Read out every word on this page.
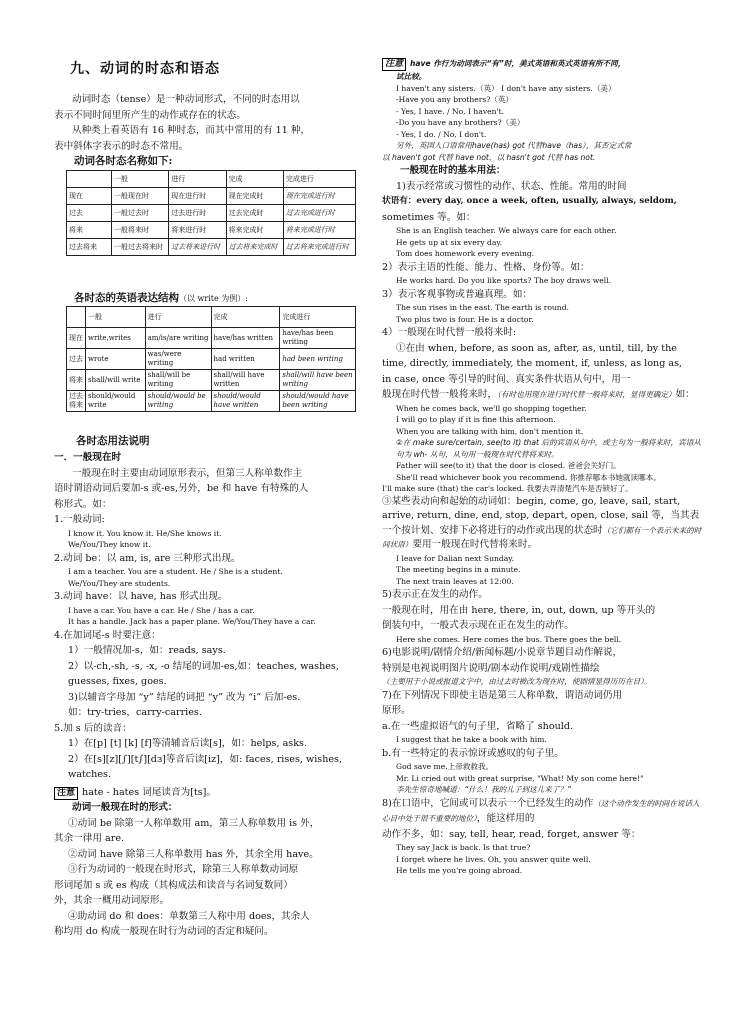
九、动词的时态和语态

动词时态（tense）是一种动词形式，不同的时态用以

表示不同时间里所产生的动作或存在的状态。

从种类上看英语有 16 种时态，而其中常用的有 11 种，

表中斜体字表示的时态不常用。

动词各时态名称如下:
	一般	进行	完成	完成进行
现在	一般现在时	现在进行时	现在完成时	现在完成进行时
过去	一般过去时	过去进行时	过去完成时	过去完成进行时
将来	一般将来时	将来进行时	将来完成时	将来完成进行时
过去将来	一般过去将来时	过去将来进行时	过去将来完成时	过去将来完成进行时
各时态的英语表达结构（以 write 为例）:
	一般	进行	完成	完成进行
现在	write,writes	am/is/are writing	have/has written	have/has been writing
过去	wrote	was/were writing	had written	had been writing
将来	shall/will write	shall/will be writing	shall/will have written	shall/will have been writing
过去将来	should/would write	should/would be writing	should/would have written	should/would have been writing
各时态用法说明

一．一般现在时

一般现在时主要由动词原形表示，但第三人称单数作主

语时谓语动词后要加-s 或-es,另外，be 和 have 有特殊的人

称形式。如：

1.一般动词:

I know it. You know it. He/She knows it.

We/You/They know it.

2.动词 be：以 am, is, are 三种形式出现。

I am a teacher. You are a student. He / She is a student.

We/You/They are students.

3.动词 have：以 have, has 形式出现。

I have a car. You have a car. He / She / has a car.

It has a handle. Jack has a paper plane. We/You/They have a car.

4.在加词尾-s 时要注意：

1）一般情况加-s，如：reads, says.

2）以-ch,-sh, -s, -x, -o 结尾的词加-es,如：teaches, washes,

guesses, fixes, goes.

3)以辅音字母加 “y” 结尾的词把 “y” 改为 “i” 后加-es.

如：try-tries，carry-carries.

5.加 s 后的读音：

1）在[p] [t] [k] [f]等清辅音后读[s]，如：helps, asks.

2）在[s][z][∫][t∫][dз]等音后读[iz]，如: faces, rises, wishes,

watches.

注意 hate - hates 词尾读音为[ts]。

动词一般现在时的形式：

①动词 be 除第一人称单数用 am，第三人称单数用 is 外，

其余一律用 are.

②动词 have 除第三人称单数用 has 外，其余全用 have。

③行为动词的一般现在时形式，除第三人称单数动词原

形词尾加 s 或 es 构成（其构成法和读音与名词复数同）

外，其余一概用动词原形。

④助动词 do 和 does：单数第三人称中用 does，其余人

称均用 do 构成一般现在时行为动词的否定和疑问。

注意 have 作行为动词表示“有”时，美式英语和英式英语有所不同，

试比较。

I haven't any sisters.（英） I don't have any sisters.（美）

-Have you any brothers?（英）

- Yes, I have. / No, I haven't.

-Do you have any brothers?（美）

- Yes, I do. / No, I don't.

另外，英国人口语常用have(has) got 代替have（has），其否定式常

以 haven't got 代替 have not，以 hasn't got 代替 has not.

一般现在时的基本用法：

1)表示经常或习惯性的动作、状态、性能。常用的时间

状语有：every day, once a week, often, usually, always, seldom,

sometimes 等。如：

She is an English teacher. We always care for each other.

He gets up at six every day.

Tom does homework every evening.

2）表示主语的性能、能力、性格、身份等。如：

He works hard. Do you like sports? The boy draws well.

3）表示客观事物或普遍真理。如：

The sun rises in the east. The earth is round.

Two plus two is four. He is a doctor.

4）一般现在时代替一般将来时:

①在由 when, before, as soon as, after, as, until, till, by the

time, directly, immediately, the moment, if, unless, as long as,

in case, once 等引导的时间、真实条件状语从句中，用一

般现在时代替一般将来时，（有时也用现在进行时代替一般将来时，显得更确定）如：

When he comes back, we'll go shopping together.

I will go to play if it is fine this afternoon.

When you are talking with him, don't mention it.

②在 make sure/certain, see(to it) that 后的宾语从句中，或主句为一般将来时，宾语从句为 wh- 从句，从句用一般现在时代替将来时。

Father will see(to it) that the door is closed. 爸爸会关好门。

She'll read whichever book you recommend. 你推荐哪本书她就读哪本。

I'll make sure (that) the car's locked. 我要去弄清楚汽车是否锁好了。

③某些表动向和起始的动词如：begin, come, go, leave, sail, start, arrive, return, dine, end, stop, depart, open, close, sail 等，当其表一个按计划、安排下必将进行的动作或出现的状态时（它们都有一个表示未来的时间状语）要用一般现在时代替将来时。

I leave for Dalian next Sunday.

The meeting begins in a minute.

The next train leaves at 12:00.

5)表示正在发生的动作。

一般现在时，用在由 here, there, in, out, down, up 等开头的

倒装句中，一般式表示现在正在发生的动作。

Here she comes. Here comes the bus. There goes the bell.

6)电影说明/剧情介绍/新闻标题/小说章节题目动作解说，

特别是电视说明图片说明/剧本动作说明/戏剧性描绘

（主要用于小说或报道文字中，由过去时被改为现在时，使剧情显得历历在目）。

7)在下列情况下即使主语是第三人称单数，谓语动词仍用

原形。

a.在一些虚拟语气的句子里，省略了 should.

I suggest that he take a book with him.

b.有一些特定的表示惊讶或感叹的句子里。

God save me.上帝救救我。

Mr. Li cried out with great surprise, "What! My son come here!"

李先生惊奇地喊道：“什么！我的儿子到这儿来了？”

8)在口语中，它间或可以表示一个已经发生的动作（这个动作发生的时间在说话人心目中处于很不重要的地位），能这样用的

动作不多，如：say, tell, hear, read, forget, answer 等：

They say Jack is back. Is that true?

I forget where he lives. Oh, you answer quite well.

He tells me you're going abroad.
